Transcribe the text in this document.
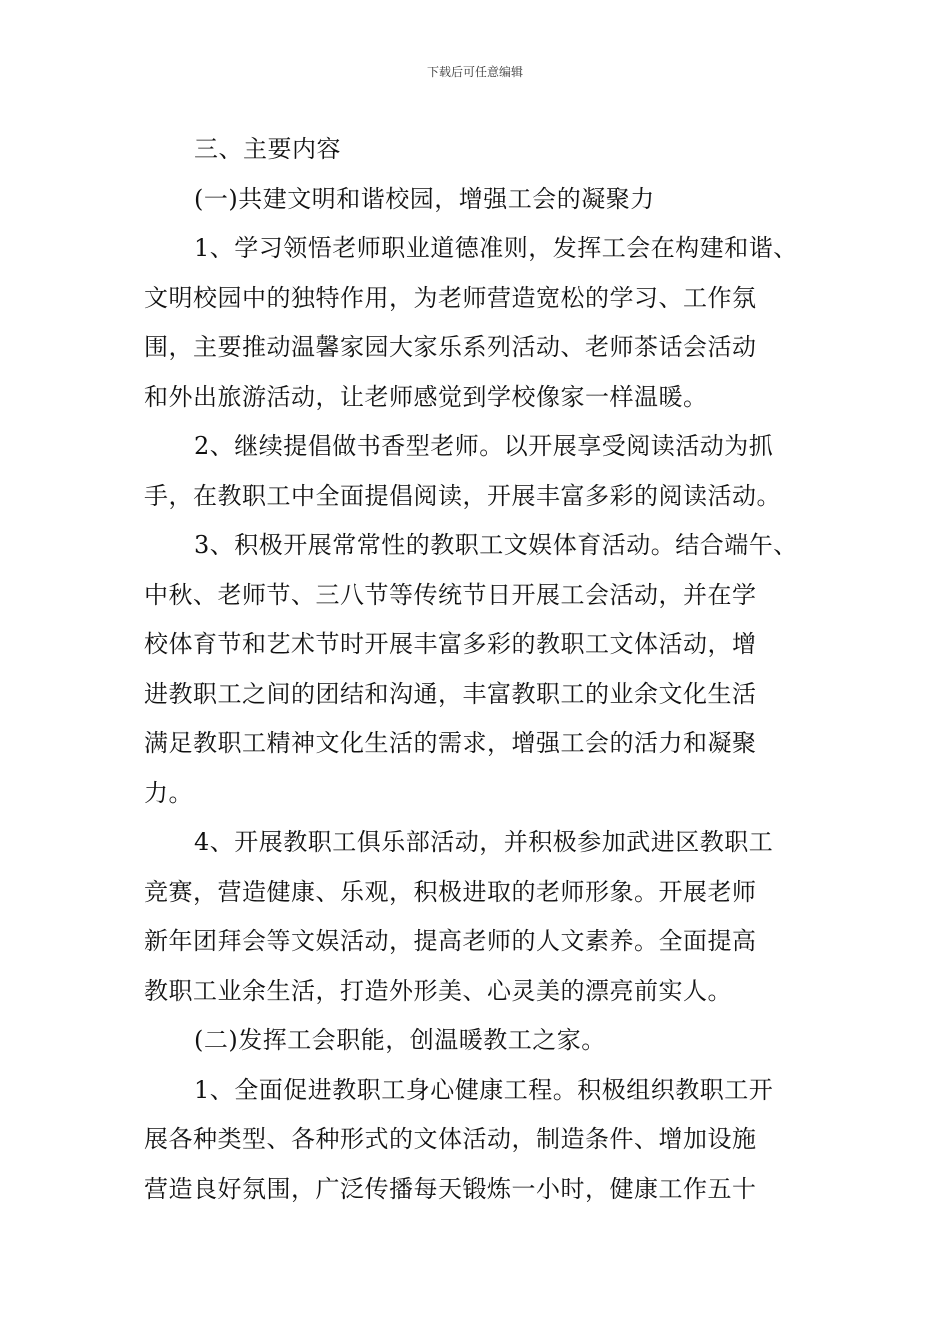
下载后可任意编辑
三、主要内容
(一)共建文明和谐校园，增强工会的凝聚力
1、学习领悟老师职业道德准则，发挥工会在构建和谐、
文明校园中的独特作用，为老师营造宽松的学习、工作氛
围，主要推动温馨家园大家乐系列活动、老师茶话会活动
和外出旅游活动，让老师感觉到学校像家一样温暖。
2、继续提倡做书香型老师。以开展享受阅读活动为抓
手，在教职工中全面提倡阅读，开展丰富多彩的阅读活动。
3、积极开展常常性的教职工文娱体育活动。结合端午、
中秋、老师节、三八节等传统节日开展工会活动，并在学
校体育节和艺术节时开展丰富多彩的教职工文体活动，增
进教职工之间的团结和沟通，丰富教职工的业余文化生活
满足教职工精神文化生活的需求，增强工会的活力和凝聚
力。
4、开展教职工俱乐部活动，并积极参加武进区教职工
竞赛，营造健康、乐观，积极进取的老师形象。开展老师
新年团拜会等文娱活动，提高老师的人文素养。全面提高
教职工业余生活，打造外形美、心灵美的漂亮前实人。
(二)发挥工会职能，创温暖教工之家。
1、全面促进教职工身心健康工程。积极组织教职工开
展各种类型、各种形式的文体活动，制造条件、增加设施
营造良好氛围，广泛传播每天锻炼一小时，健康工作五十
